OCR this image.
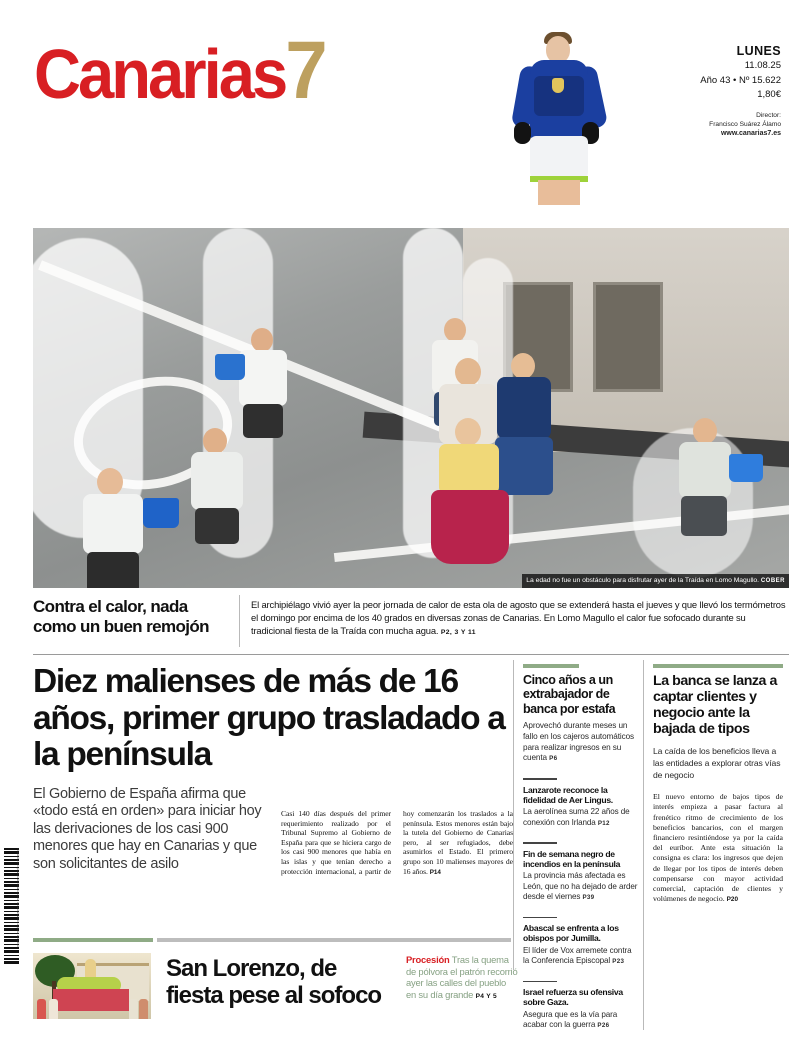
Prohibida su reproducción total o parcial sin autorización expresa del editor
Canarias7	LUNES
11.08.25
Año 43 • Nº 15.622
1,80€
Director:
Francisco Suárez Álamo
www.canarias7.es
La edad no fue un obstáculo para disfrutar ayer de la Traída en Lomo Magullo. COBER
Contra el calor, nada como un buen remojón

El archipiélago vivió ayer la peor jornada de calor de esta ola de agosto que se extenderá hasta el jueves y que llevó los termómetros el domingo por encima de los 40 grados en diversas zonas de Canarias. En Lomo Magullo el calor fue sofocado durante su tradicional fiesta de la Traída con mucha agua. P2, 3 Y 11

Diez malienses de más de 16 años, primer grupo trasladado a la península
El Gobierno de España afirma que «todo está en orden» para iniciar hoy las derivaciones de los casi 900 menores que hay en Canarias y que son solicitantes de asilo
Casi 140 días después del primer requerimiento realizado por el Tribunal Supremo al Gobierno de España para que se hiciera cargo de los casi 900 menores que había en las islas y que tenían derecho a protección internacional, a partir de hoy comenzarán los traslados a la península. Estos menores están bajo la tutela del Gobierno de Canarias pero, al ser refugiados, debe asumirlos el Estado. El primero grupo son 10 malienses mayores de 16 años. P14
Cinco años a un extrabajador de banca por estafa
Aprovechó durante meses un fallo en los cajeros automáticos para realizar ingresos en su cuenta P6
Lanzarote reconoce la fidelidad de Aer Lingus.
La aerolínea suma 22 años de conexión con Irlanda P12
Fin de semana negro de incendios en la península
La provincia más afectada es León, que no ha dejado de arder desde el viernes P39
Abascal se enfrenta a los obispos por Jumilla.
El líder de Vox arremete contra la Conferencia Episcopal P23
Israel refuerza su ofensiva sobre Gaza.
Asegura que es la vía para acabar con la guerra P26
La banca se lanza a captar clientes y negocio ante la bajada de tipos
La caída de los beneficios lleva a las entidades a explorar otras vías de negocio
El nuevo entorno de bajos tipos de interés empieza a pasar factura al frenético ritmo de crecimiento de los beneficios bancarios, con el margen financiero resintiéndose ya por la caída del euríbor. Ante esta situación la consigna es clara: los ingresos que dejen de llegar por los tipos de interés deben compensarse con mayor actividad comercial, captación de clientes y volúmenes de negocio. P20
San Lorenzo, de fiesta pese al sofoco
Procesión Tras la quema de pólvora el patrón recorrió ayer las calles del pueblo en su día grande P4 Y 5
